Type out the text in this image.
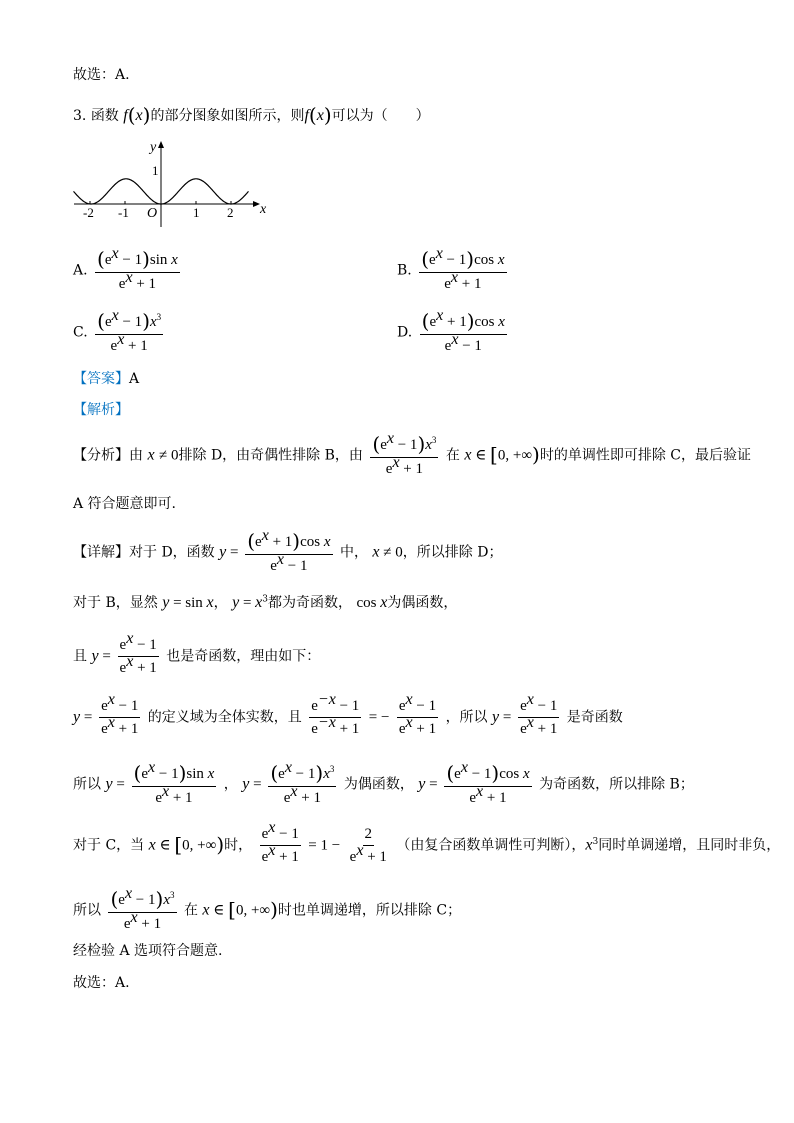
故选：A.
3. 函数 f(x)的部分图象如图所示，则f(x)可以为（　　）
y
x
1
O
-2 -1	1 2
A. $\frac{(e^x - 1)\sin x}{e^x + 1}$	B. $\frac{(e^x - 1)\cos x}{e^x + 1}$
C. $\frac{(e^x - 1)x^3}{e^x + 1}$	D. $\frac{(e^x + 1)\cos x}{e^x - 1}$
【答案】A
【解析】
【分析】由 x ≠ 0排除 D，由奇偶性排除 B，由 $\frac{(e^x - 1)x^3}{e^x + 1}$ 在 x ∈ [0, +∞)时的单调性即可排除 C，最后验证
A 符合题意即可.
【详解】对于 D，函数 $y = \frac{(e^x + 1)\cos x}{e^x - 1}$ 中， x ≠ 0，所以排除 D；
对于 B，显然 y = sin x， $y = x^3$都为奇函数， cos x为偶函数，
且 $y = \frac{e^x - 1}{e^x + 1}$ 也是奇函数，理由如下：
$y = \frac{e^x - 1}{e^x + 1}$ 的定义域为全体实数，且 $\frac{e^{-x} - 1}{e^{-x} + 1}$ = − $\frac{e^x - 1}{e^x + 1}$ ，所以 $y = \frac{e^x - 1}{e^x + 1}$ 是奇函数
所以 $y = \frac{(e^x - 1)\sin x}{e^x + 1}$ ， $y = \frac{(e^x - 1)x^3}{e^x + 1}$ 为偶函数， $y = \frac{(e^x - 1)\cos x}{e^x + 1}$ 为奇函数，所以排除 B；
对于 C，当 x ∈ [0, +∞)时， $\frac{e^x - 1}{e^x + 1} = 1 - \frac{2}{e^x + 1}$ （由复合函数单调性可判断），$x^3$同时单调递增，且同时非负，
所以 $\frac{(e^x - 1)x^3}{e^x + 1}$ 在 x ∈ [0, +∞)时也单调递增，所以排除 C；
经检验 A 选项符合题意.
故选：A.
